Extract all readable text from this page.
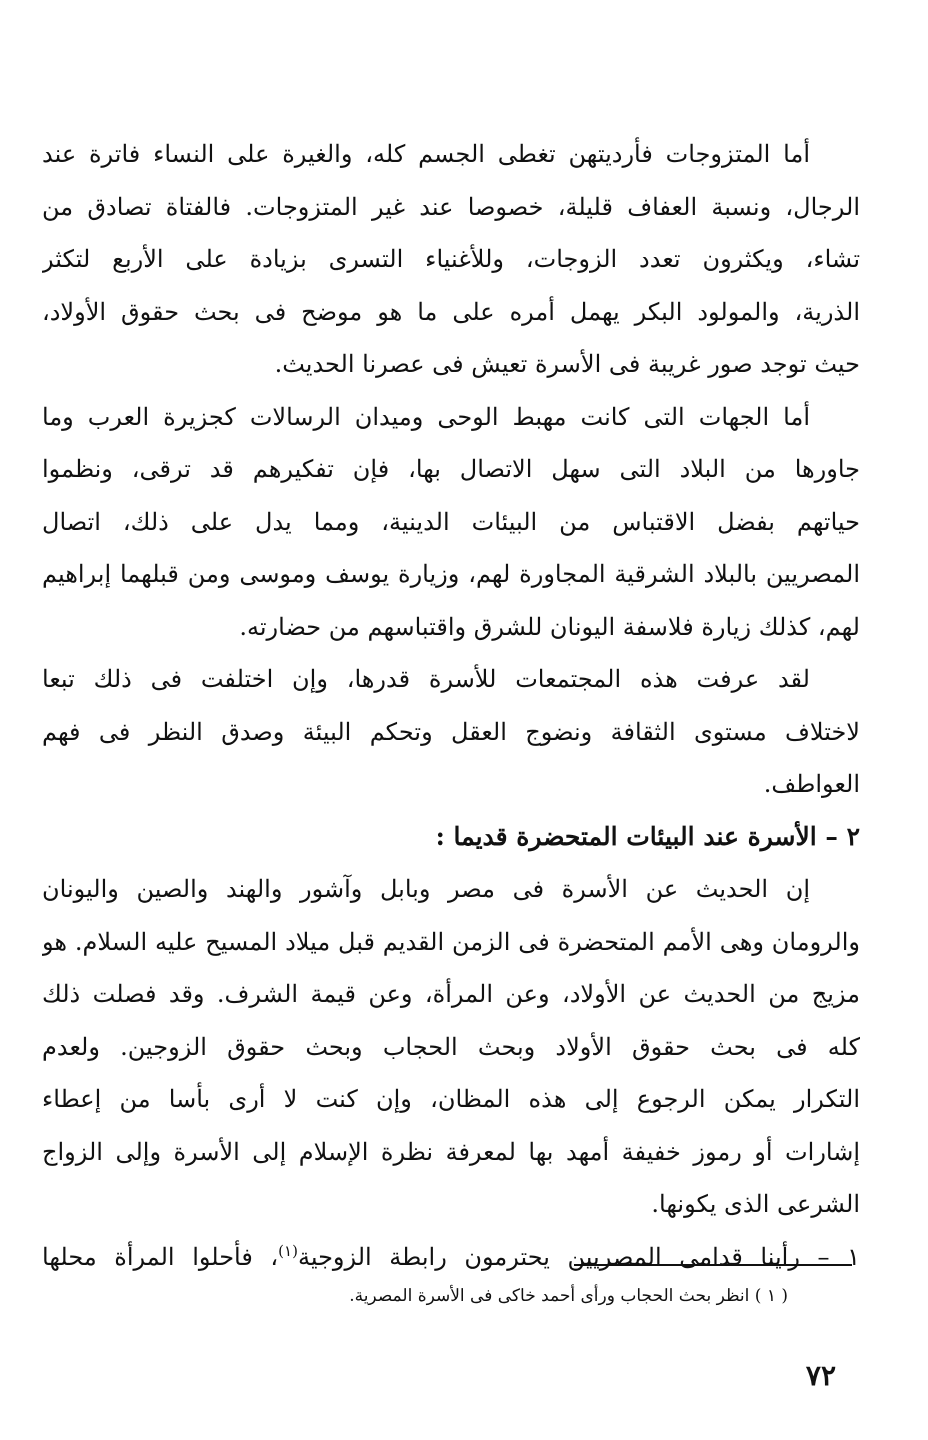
أما المتزوجات فأرديتهن تغطى الجسم كله، والغيرة على النساء فاترة عند
الرجال، ونسبة العفاف قليلة، خصوصا عند غير المتزوجات. فالفتاة تصادق من
تشاء، ويكثرون تعدد الزوجات، وللأغنياء التسرى بزيادة على الأربع لتكثر
الذرية، والمولود البكر يهمل أمره على ما هو موضح فى بحث حقوق الأولاد،
حيث توجد صور غريبة فى الأسرة تعيش فى عصرنا الحديث.
أما الجهات التى كانت مهبط الوحى وميدان الرسالات كجزيرة العرب وما
جاورها من البلاد التى سهل الاتصال بها، فإن تفكيرهم قد ترقى، ونظموا
حياتهم بفضل الاقتباس من البيئات الدينية، ومما يدل على ذلك، اتصال
المصريين بالبلاد الشرقية المجاورة لهم، وزيارة يوسف وموسى ومن قبلهما إبراهيم
لهم، كذلك زيارة فلاسفة اليونان للشرق واقتباسهم من حضارته.
لقد عرفت هذه المجتمعات للأسرة قدرها، وإن اختلفت فى ذلك تبعا
لاختلاف مستوى الثقافة ونضوج العقل وتحكم البيئة وصدق النظر فى فهم
العواطف.
٢ – الأسرة عند البيئات المتحضرة قديما :
إن الحديث عن الأسرة فى مصر وبابل وآشور والهند والصين واليونان
والرومان وهى الأمم المتحضرة فى الزمن القديم قبل ميلاد المسيح عليه السلام. هو
مزيج من الحديث عن الأولاد، وعن المرأة، وعن قيمة الشرف. وقد فصلت ذلك
كله فى بحث حقوق الأولاد وبحث الحجاب وبحث حقوق الزوجين. ولعدم
التكرار يمكن الرجوع إلى هذه المظان، وإن كنت لا أرى بأسا من إعطاء
إشارات أو رموز خفيفة أمهد بها لمعرفة نظرة الإسلام إلى الأسرة وإلى الزواج
الشرعى الذى يكونها.
١ – رأينا قدامى المصريين يحترمون رابطة الزوجية$^{(١)}$، فأحلوا المرأة محلها
( ١ ) انظر بحث الحجاب ورأى أحمد خاكى فى الأسرة المصرية.
٧٢
